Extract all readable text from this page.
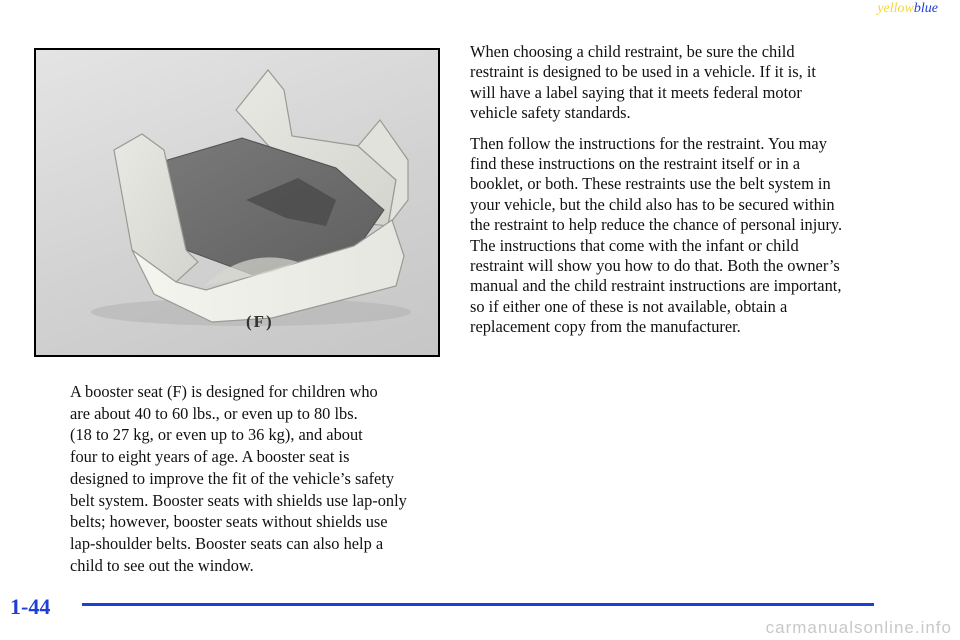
yellowblue
(F)

A booster seat (F) is designed for children who

are about 40 to 60 lbs., or even up to 80 lbs.

(18 to 27 kg, or even up to 36 kg), and about

four to eight years of age. A booster seat is

designed to improve the fit of the vehicle’s safety

belt system. Booster seats with shields use lap-only

belts; however, booster seats without shields use

lap-shoulder belts. Booster seats can also help a

child to see out the window.

When choosing a child restraint, be sure the child
restraint is designed to be used in a vehicle. If it is, it
will have a label saying that it meets federal motor
vehicle safety standards.

Then follow the instructions for the restraint. You may
find these instructions on the restraint itself or in a
booklet, or both. These restraints use the belt system in
your vehicle, but the child also has to be secured within
the restraint to help reduce the chance of personal injury.
The instructions that come with the infant or child
restraint will show you how to do that. Both the owner’s
manual and the child restraint instructions are important,
so if either one of these is not available, obtain a
replacement copy from the manufacturer.

1-44
carmanualsonline.info
